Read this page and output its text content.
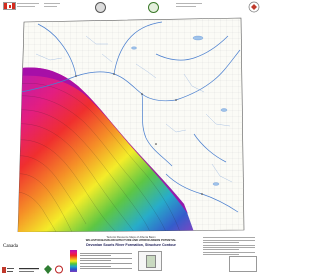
Canada
Tectonic Resource Maps of Alberta Basin
WILLISTON BASIN ARCHITECTURE AND HYDROCARBON POTENTIAL
Devonian Souris River Formation, Structure Contour
